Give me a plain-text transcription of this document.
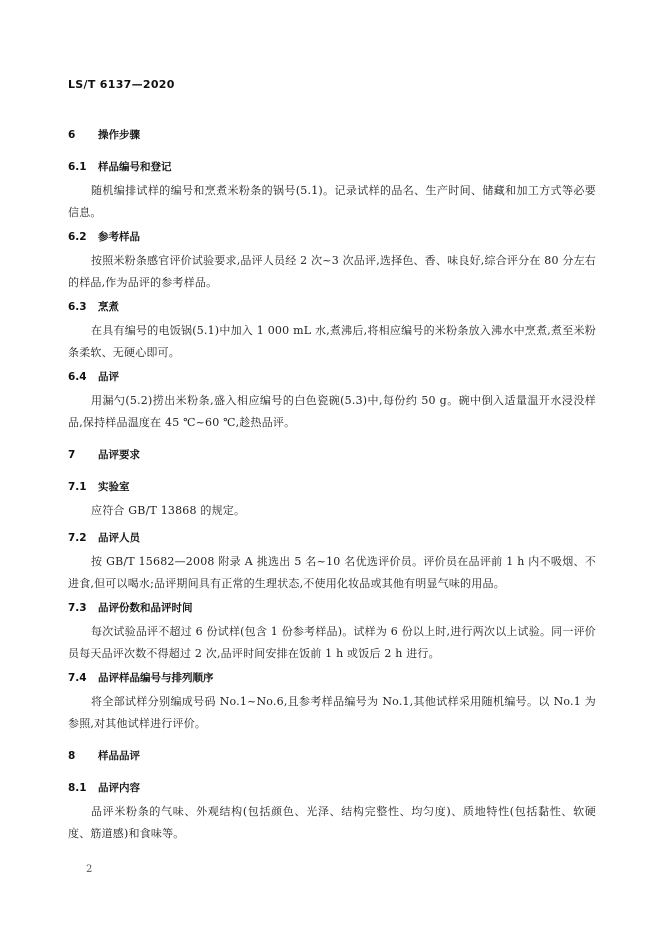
LS/T 6137—2020
6 操作步骤
6.1 样品编号和登记
随机编排试样的编号和烹煮米粉条的锅号(5.1)。记录试样的品名、生产时间、储藏和加工方式等必要信息。
6.2 参考样品
按照米粉条感官评价试验要求,品评人员经 2 次~3 次品评,选择色、香、味良好,综合评分在 80 分左右的样品,作为品评的参考样品。
6.3 烹煮
在具有编号的电饭锅(5.1)中加入 1 000 mL 水,煮沸后,将相应编号的米粉条放入沸水中烹煮,煮至米粉条柔软、无硬心即可。
6.4 品评
用漏勺(5.2)捞出米粉条,盛入相应编号的白色瓷碗(5.3)中,每份约 50 g。碗中倒入适量温开水浸没样品,保持样品温度在 45 ℃~60 ℃,趁热品评。
7 品评要求
7.1 实验室
应符合 GB/T 13868 的规定。
7.2 品评人员
按 GB/T 15682—2008 附录 A 挑选出 5 名~10 名优选评价员。评价员在品评前 1 h 内不吸烟、不进食,但可以喝水;品评期间具有正常的生理状态,不使用化妆品或其他有明显气味的用品。
7.3 品评份数和品评时间
每次试验品评不超过 6 份试样(包含 1 份参考样品)。试样为 6 份以上时,进行两次以上试验。同一评价员每天品评次数不得超过 2 次,品评时间安排在饭前 1 h 或饭后 2 h 进行。
7.4 品评样品编号与排列顺序
将全部试样分别编成号码 No.1~No.6,且参考样品编号为 No.1,其他试样采用随机编号。以 No.1 为参照,对其他试样进行评价。
8 样品品评
8.1 品评内容
品评米粉条的气味、外观结构(包括颜色、光泽、结构完整性、均匀度)、质地特性(包括黏性、软硬度、筋道感)和食味等。
2
